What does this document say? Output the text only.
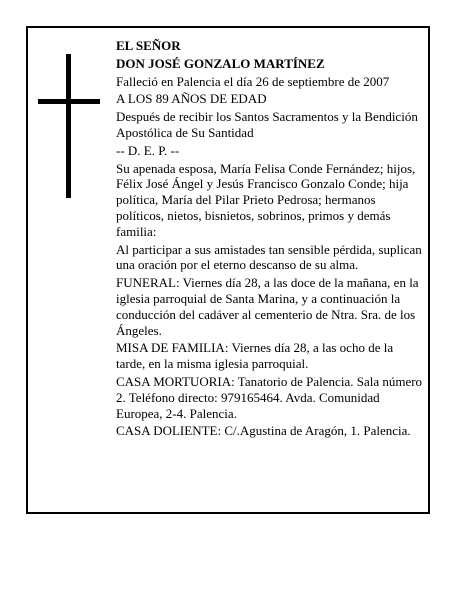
EL SEÑOR

DON JOSÉ GONZALO MARTÍNEZ

Falleció en Palencia el día 26 de septiembre de 2007

A LOS 89 AÑOS DE EDAD

Después de recibir los Santos Sacramentos y la Bendición Apostólica de Su Santidad

-- D. E. P. --

Su apenada esposa, María Felisa Conde Fernández; hijos, Félix José Ángel y Jesús Francisco Gonzalo Conde; hija política, María del Pilar Prieto Pedrosa; hermanos políticos, nietos, bisnietos, sobrinos, primos y demás familia:

Al participar a sus amistades tan sensible pérdida, suplican una oración por el eterno descanso de su alma.

FUNERAL: Viernes día 28, a las doce de la mañana, en la iglesia parroquial de Santa Marina, y a continuación la conducción del cadáver al cementerio de Ntra. Sra. de los Ángeles.

MISA DE FAMILIA: Viernes día 28, a las ocho de la tarde, en la misma iglesia parroquial.

CASA MORTUORIA: Tanatorio de Palencia. Sala número 2. Teléfono directo: 979165464. Avda. Comunidad Europea, 2-4. Palencia.

CASA DOLIENTE: C/.Agustina de Aragón, 1. Palencia.
